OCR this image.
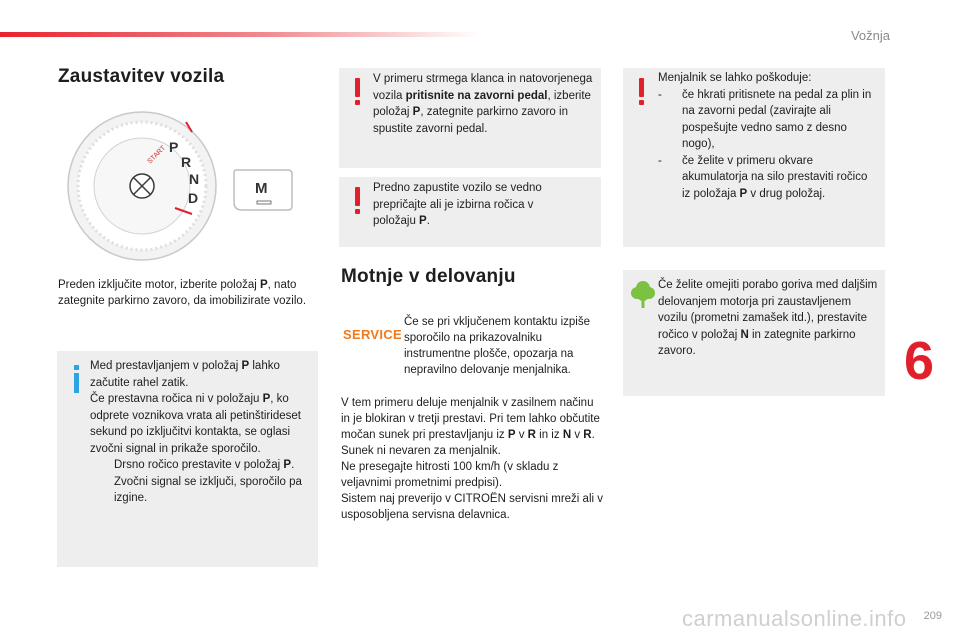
Vožnja
Zaustavitev vozila
START P
R
N
D
M
Preden izključite motor, izberite položaj P, nato zategnite parkirno zavoro, da imobilizirate vozilo.
Med prestavljanjem v položaj P lahko začutite rahel zatik.
Če prestavna ročica ni v položaju P, ko odprete voznikova vrata ali petinštirideset sekund po izključitvi kontakta, se oglasi zvočni signal in prikaže sporočilo.
Drsno ročico prestavite v položaj P. Zvočni signal se izključi, sporočilo pa izgine.
V primeru strmega klanca in natovorjenega vozila pritisnite na zavorni pedal, izberite položaj P, zategnite parkirno zavoro in spustite zavorni pedal.
Predno zapustite vozilo se vedno prepričajte ali je izbirna ročica v položaju P.
Motnje v delovanju
SERVICE
Če se pri vključenem kontaktu izpiše sporočilo na prikazovalniku instrumentne plošče, opozarja na nepravilno delovanje menjalnika.
V tem primeru deluje menjalnik v zasilnem načinu in je blokiran v tretji prestavi. Pri tem lahko občutite močan sunek pri prestavljanju iz P v R in iz N v R. Sunek ni nevaren za menjalnik.
Ne presegajte hitrosti 100 km/h (v skladu z veljavnimi prometnimi predpisi).
Sistem naj preverijo v CITROËN servisni mreži ali v usposobljena servisna delavnica.
Menjalnik se lahko poškoduje:
-	če hkrati pritisnete na pedal za plin in na zavorni pedal (zavirajte ali pospešujte vedno samo z desno nogo),
-	če želite v primeru okvare akumulatorja na silo prestaviti ročico iz položaja P v drug položaj.
Če želite omejiti porabo goriva med daljšim delovanjem motorja pri zaustavljenem vozilu (prometni zamašek itd.), prestavite ročico v položaj N in zategnite parkirno zavoro.	6
carmanualsonline.info 209
